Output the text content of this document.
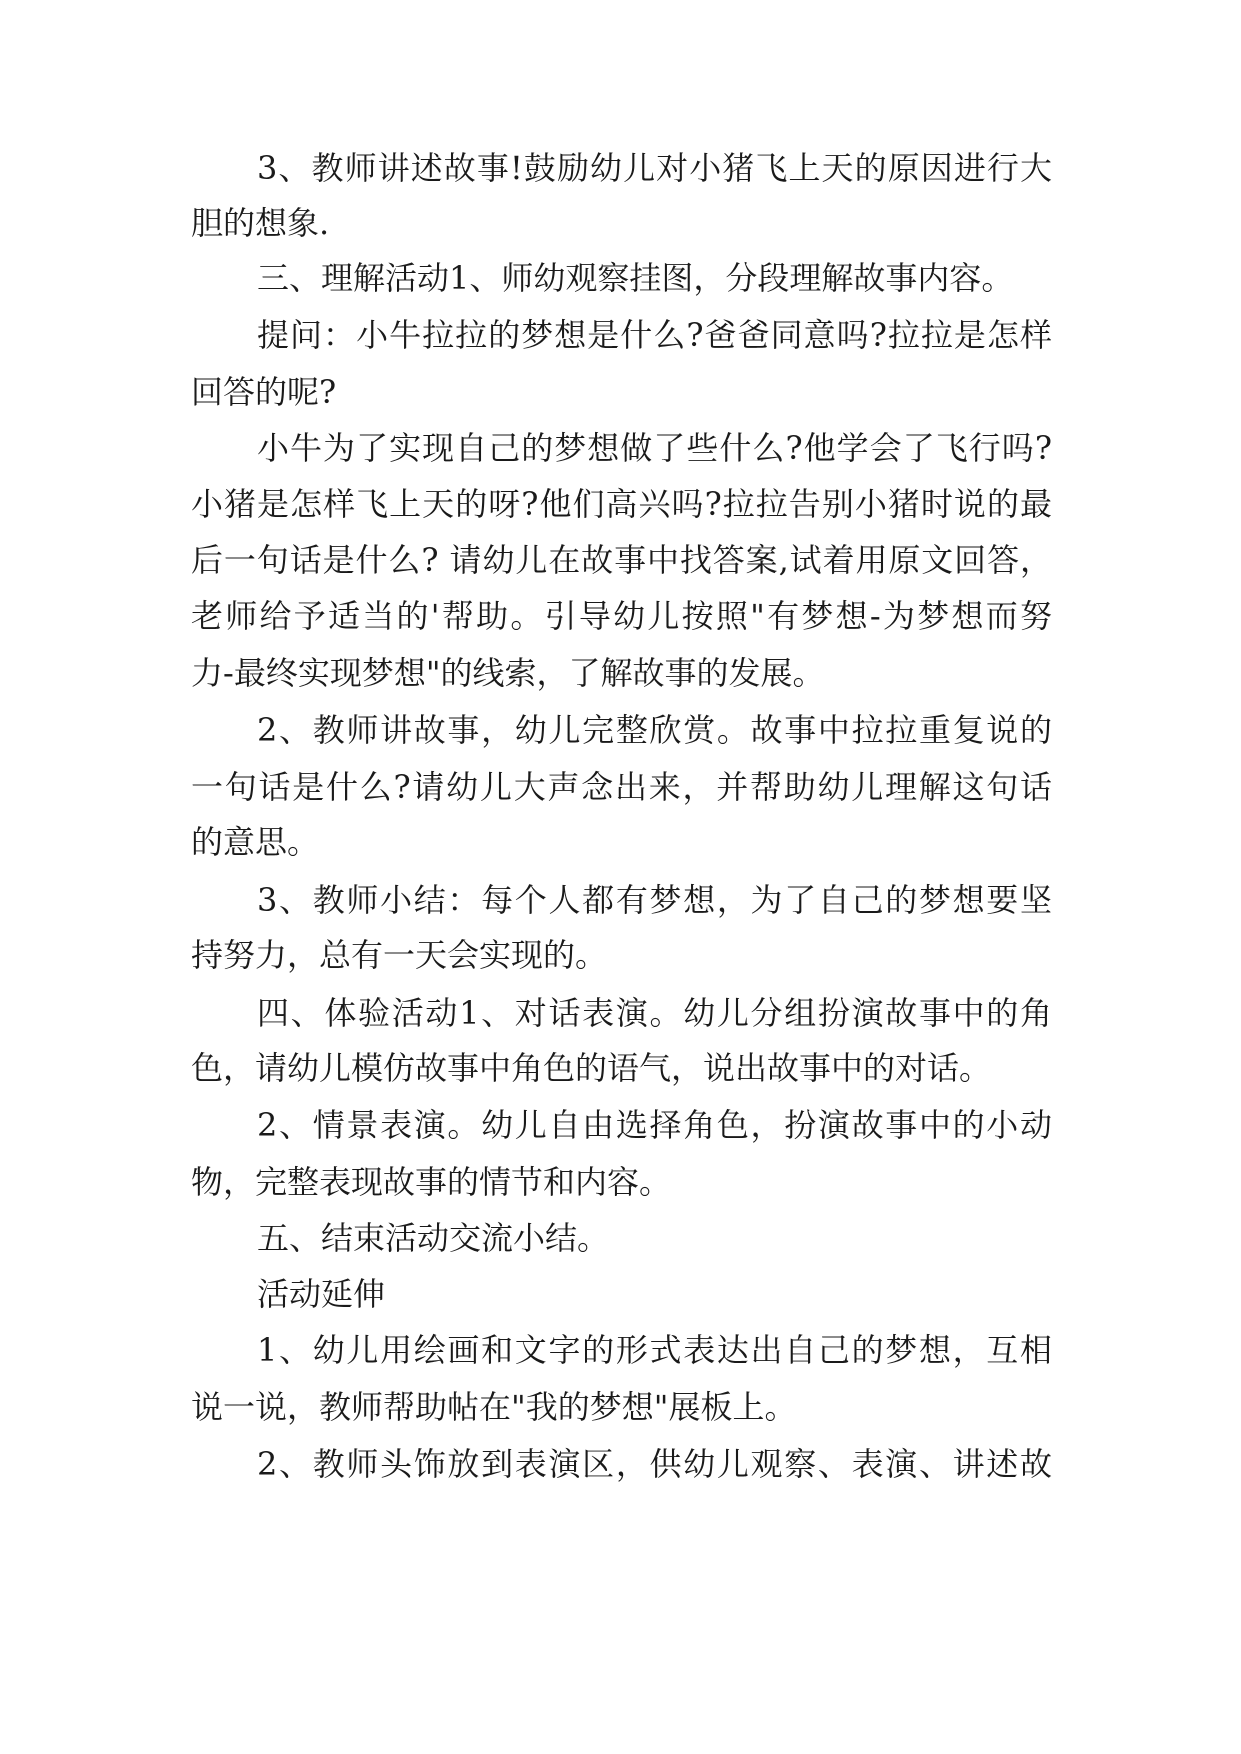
3、教师讲述故事!鼓励幼儿对小猪飞上天的原因进行大
胆的想象.
三、理解活动1、师幼观察挂图，分段理解故事内容。
提问：小牛拉拉的梦想是什么?爸爸同意吗?拉拉是怎样
回答的呢?
小牛为了实现自己的梦想做了些什么?他学会了飞行吗?
小猪是怎样飞上天的呀?他们高兴吗?拉拉告别小猪时说的最
后一句话是什么? 请幼儿在故事中找答案,试着用原文回答，
老师给予适当的'帮助。引导幼儿按照"有梦想-为梦想而努
力-最终实现梦想"的线索，了解故事的发展。
2、教师讲故事，幼儿完整欣赏。故事中拉拉重复说的
一句话是什么?请幼儿大声念出来，并帮助幼儿理解这句话
的意思。
3、教师小结：每个人都有梦想，为了自己的梦想要坚
持努力，总有一天会实现的。
四、体验活动1、对话表演。幼儿分组扮演故事中的角
色，请幼儿模仿故事中角色的语气，说出故事中的对话。
2、情景表演。幼儿自由选择角色，扮演故事中的小动
物，完整表现故事的情节和内容。
五、结束活动交流小结。
活动延伸
1、幼儿用绘画和文字的形式表达出自己的梦想，互相
说一说，教师帮助帖在"我的梦想"展板上。
2、教师头饰放到表演区，供幼儿观察、表演、讲述故
